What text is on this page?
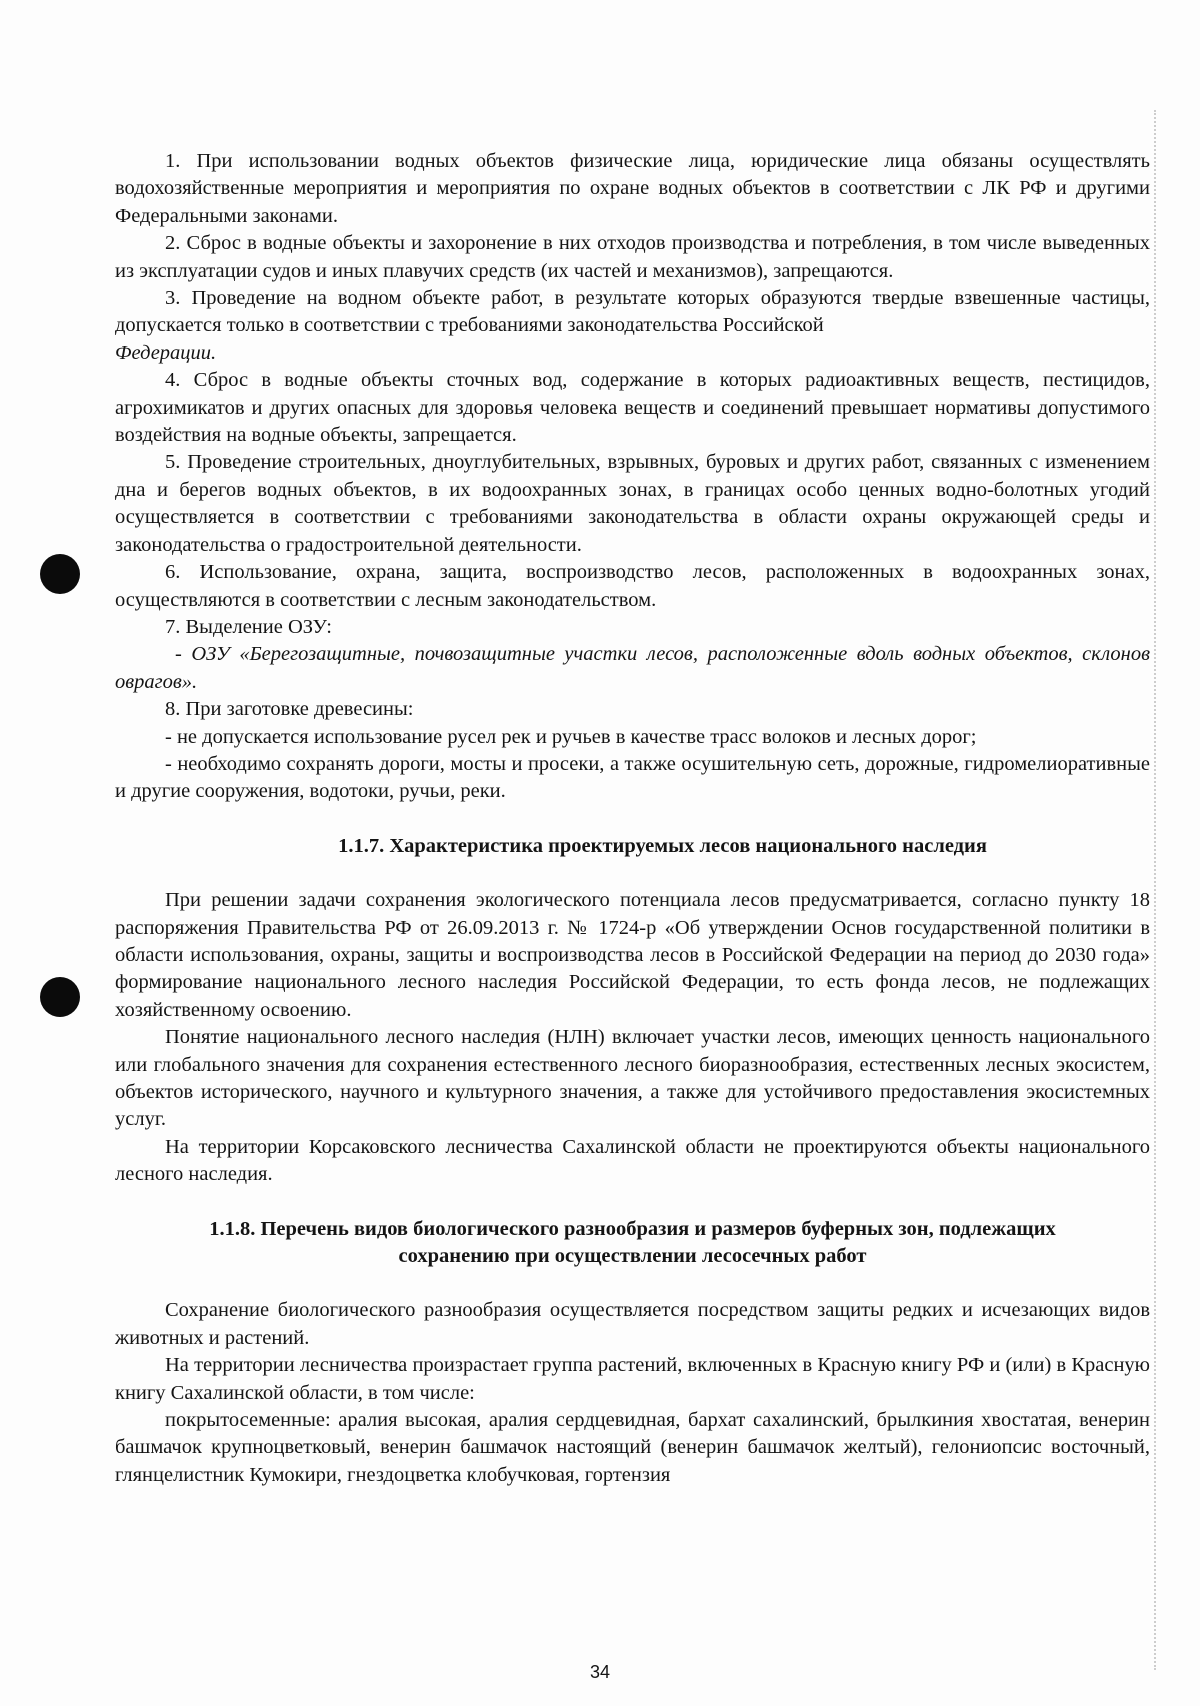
1. При использовании водных объектов физические лица, юридические лица обязаны осуществлять водохозяйственные мероприятия и мероприятия по охране водных объектов в соответствии с ЛК РФ и другими Федеральными законами.

2. Сброс в водные объекты и захоронение в них отходов производства и потребления, в том числе выведенных из эксплуатации судов и иных плавучих средств (их частей и механизмов), запрещаются.

3. Проведение на водном объекте работ, в результате которых образуются твердые взвешенные частицы, допускается только в соответствии с требованиями законодательства Российской

Федерации.

4. Сброс в водные объекты сточных вод, содержание в которых радиоактивных веществ, пестицидов, агрохимикатов и других опасных для здоровья человека веществ и соединений превышает нормативы допустимого воздействия на водные объекты, запрещается.

5. Проведение строительных, дноуглубительных, взрывных, буровых и других работ, связанных с изменением дна и берегов водных объектов, в их водоохранных зонах, в границах особо ценных водно-болотных угодий осуществляется в соответствии с требованиями законодательства в области охраны окружающей среды и законодательства о градостроительной деятельности.

6. Использование, охрана, защита, воспроизводство лесов, расположенных в водоохранных зонах, осуществляются в соответствии с лесным законодательством.

7. Выделение ОЗУ:

- ОЗУ «Берегозащитные, почвозащитные участки лесов, расположенные вдоль водных объектов, склонов оврагов».

8. При заготовке древесины:

- не допускается использование русел рек и ручьев в качестве трасс волоков и лесных дорог;

- необходимо сохранять дороги, мосты и просеки, а также осушительную сеть, дорожные, гидромелиоративные и другие сооружения, водотоки, ручьи, реки.

1.1.7. Характеристика проектируемых лесов национального наследия

При решении задачи сохранения экологического потенциала лесов предусматривается, согласно пункту 18 распоряжения Правительства РФ от 26.09.2013 г. № 1724-р «Об утверждении Основ государственной политики в области использования, охраны, защиты и воспроизводства лесов в Российской Федерации на период до 2030 года» формирование национального лесного наследия Российской Федерации, то есть фонда лесов, не подлежащих хозяйственному освоению.

Понятие национального лесного наследия (НЛН) включает участки лесов, имеющих ценность национального или глобального значения для сохранения естественного лесного биоразнообразия, естественных лесных экосистем, объектов исторического, научного и культурного значения, а также для устойчивого предоставления экосистемных услуг.

На территории Корсаковского лесничества Сахалинской области не проектируются объекты национального лесного наследия.

1.1.8. Перечень видов биологического разнообразия и размеров буферных зон, подлежащих
сохранению при осуществлении лесосечных работ

Сохранение биологического разнообразия осуществляется посредством защиты редких и исчезающих видов животных и растений.

На территории лесничества произрастает группа растений, включенных в Красную книгу РФ и (или) в Красную книгу Сахалинской области, в том числе:

покрытосеменные: аралия высокая, аралия сердцевидная, бархат сахалинский, брылкиния хвостатая, венерин башмачок крупноцветковый, венерин башмачок настоящий (венерин башмачок желтый), гелониопсис восточный, глянцелистник Кумокири, гнездоцветка клобучковая, гортензия

34
